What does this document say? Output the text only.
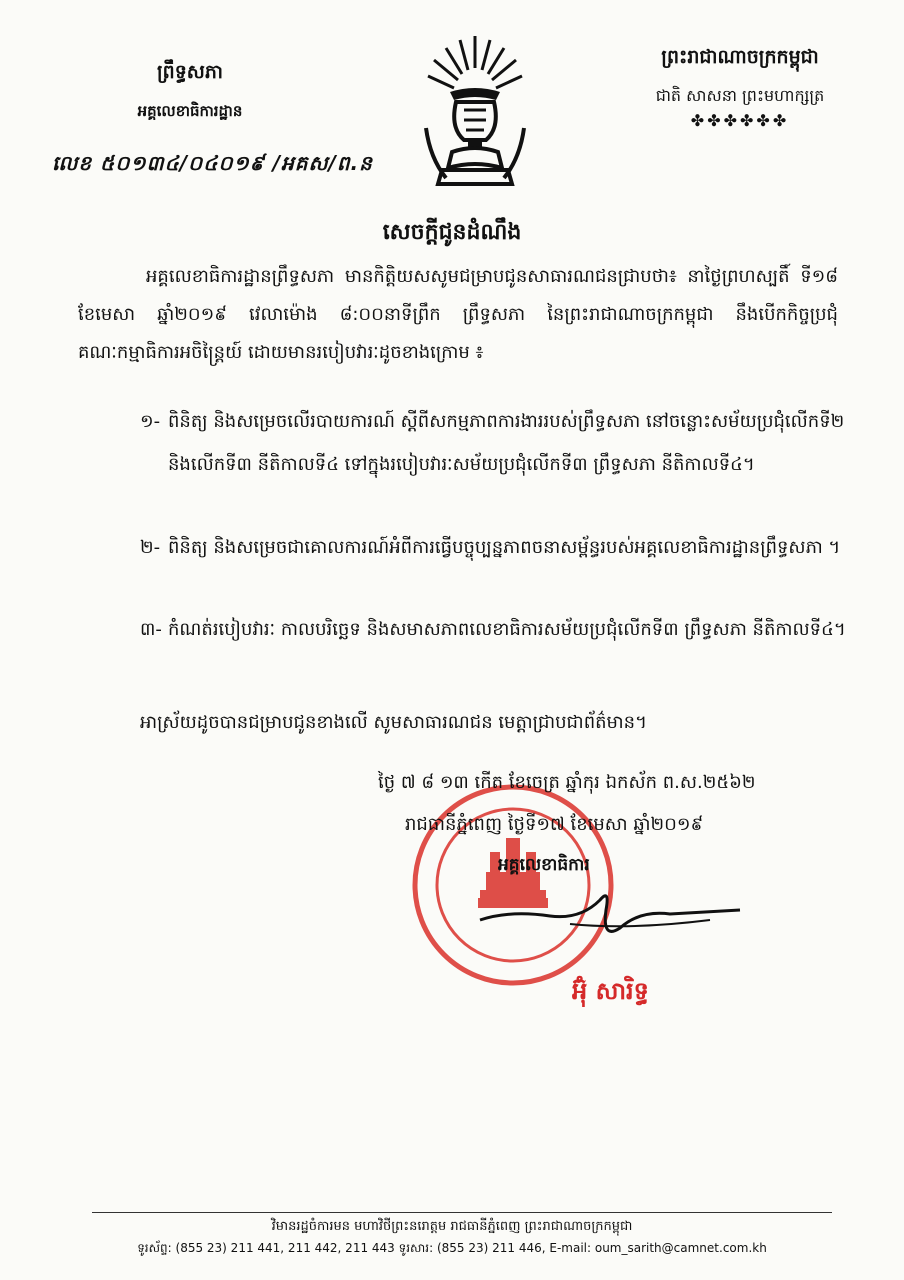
ព្រឹទ្ធសភា
អគ្គលេខាធិការដ្ឋាន
លេខ ៥០១៣៤/០៤០១៩ /អគស/ព.ន
ព្រះរាជាណាចក្រកម្ពុជា
ជាតិ សាសនា ព្រះមហាក្សត្រ
✤✤✤✤✤✤
សេចក្តីជូនដំណឹង
អគ្គលេខាធិការដ្ឋានព្រឹទ្ធសភា មានកិត្តិយសសូមជម្រាបជូនសាធារណជនជ្រាបថា៖ នាថ្ងៃព្រហស្បតិ៍ ទី១៨ ខែមេសា ឆ្នាំ២០១៩ វេលាម៉ោង ៨:០០នាទីព្រឹក ព្រឹទ្ធសភា នៃព្រះរាជាណាចក្រកម្ពុជា នឹងបើកកិច្ចប្រជុំគណៈកម្មាធិការអចិន្ត្រៃយ៍ ដោយមានរបៀបវារៈដូចខាងក្រោម ៖
១- ពិនិត្យ និងសម្រេចលើរបាយការណ៍ ស្តីពីសកម្មភាពការងាររបស់ព្រឹទ្ធសភា នៅចន្លោះសម័យប្រជុំលើកទី២ និងលើកទី៣ នីតិកាលទី៤ ទៅក្នុងរបៀបវារៈសម័យប្រជុំលើកទី៣ ព្រឹទ្ធសភា នីតិកាលទី៤។
២- ពិនិត្យ និងសម្រេចជាគោលការណ៍អំពីការធ្វើបច្ចុប្បន្នភាពចនាសម្ព័ន្ធរបស់អគ្គលេខាធិការដ្ឋានព្រឹទ្ធសភា ។
៣- កំណត់របៀបវារៈ កាលបរិច្ឆេទ និងសមាសភាពលេខាធិការសម័យប្រជុំលើកទី៣ ព្រឹទ្ធសភា នីតិកាលទី៤។
អាស្រ័យដូចបានជម្រាបជូនខាងលើ សូមសាធារណជន មេត្តាជ្រាបជាព័ត៌មាន។
ថ្ងៃ ៧ ៨ ១៣ កើត ខែចេត្រ ឆ្នាំកុរ ឯកស័ក ព.ស.២៥៦២
រាជធានីភ្នំពេញ ថ្ងៃទី១៧ ខែមេសា ឆ្នាំ២០១៩
អគ្គលេខាធិការ
អ៊ុំ សារិទ្ធ
វិមានរដ្ឋចំការមន មហាវិថីព្រះនរោត្តម រាជធានីភ្នំពេញ ព្រះរាជាណាចក្រកម្ពុជា
ទូរស័ព្ទ: (855 23) 211 441, 211 442, 211 443 ទូរសារ: (855 23) 211 446, E-mail: oum_sarith@camnet.com.kh
